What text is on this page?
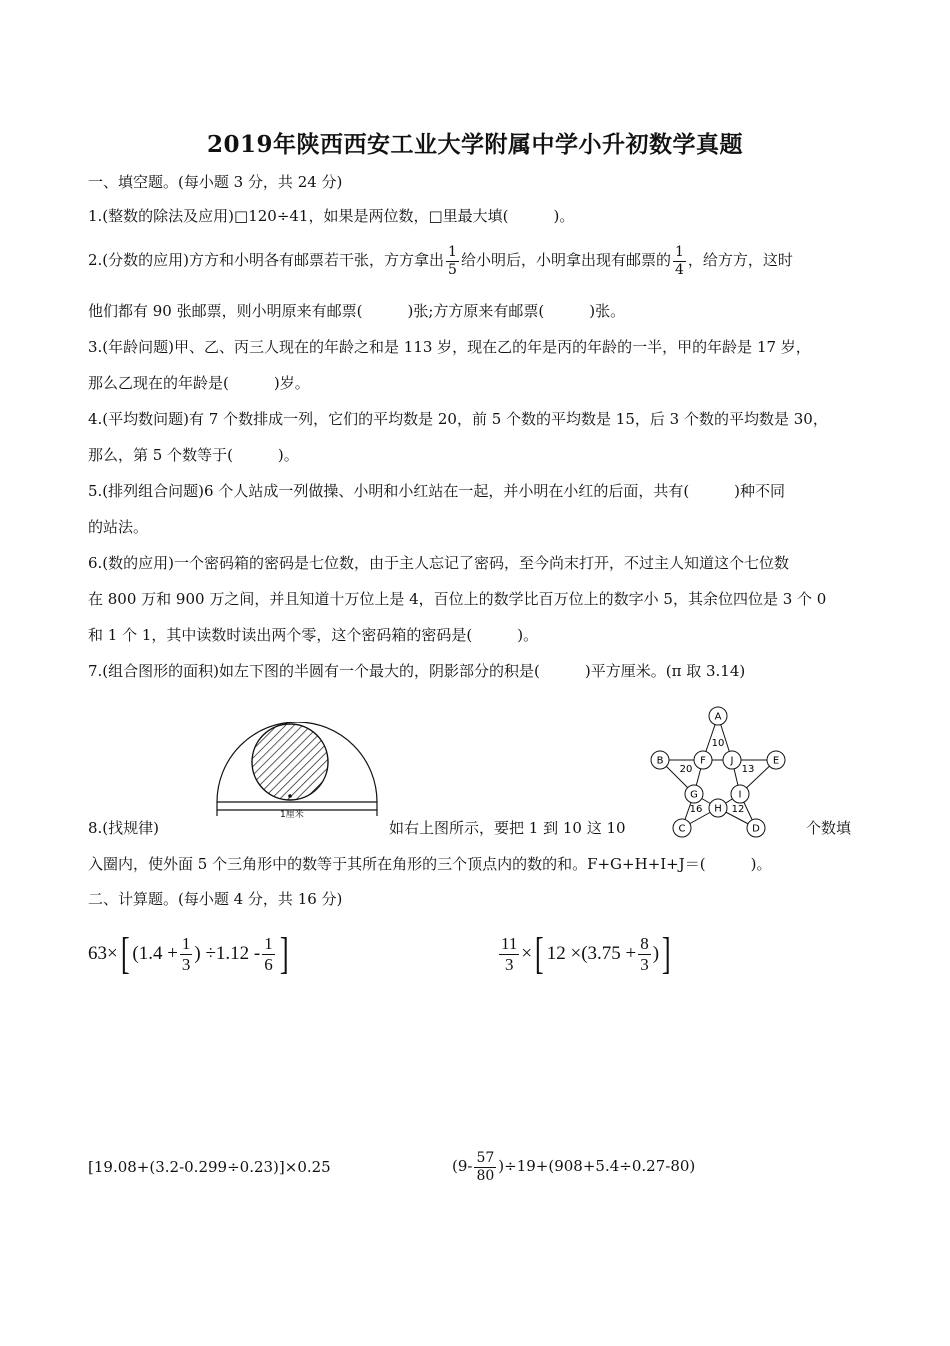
2019年陕西西安工业大学附属中学小升初数学真题
一、填空题。(每小题 3 分，共 24 分)
1.(整数的除法及应用)□120÷41，如果是两位数，□里最大填(　　　)。
2.(分数的应用)方方和小明各有邮票若干张，方方拿出 $\frac{1}{5}$ 给小明后，小明拿出现有邮票的 $\frac{1}{4}$ ，给方方，这时
他们都有 90 张邮票，则小明原来有邮票(　　　)张;方方原来有邮票(　　　)张。
3.(年龄问题)甲、乙、丙三人现在的年龄之和是 113 岁，现在乙的年是丙的年龄的一半，甲的年龄是 17 岁，
那么乙现在的年龄是(　　　)岁。
4.(平均数问题)有 7 个数排成一列，它们的平均数是 20，前 5 个数的平均数是 15，后 3 个数的平均数是 30，
那么，第 5 个数等于(　　　)。
5.(排列组合问题)6 个人站成一列做操、小明和小红站在一起，并小明在小红的后面，共有(　　　)种不同
的站法。
6.(数的应用)一个密码箱的密码是七位数，由于主人忘记了密码，至今尚末打开，不过主人知道这个七位数
在 800 万和 900 万之间，并且知道十万位上是 4，百位上的数学比百万位上的数字小 5，其余位四位是 3 个 0
和 1 个 1，其中读数时读出两个零，这个密码箱的密码是(　　　)。
7.(组合图形的面积)如左下图的半圆有一个最大的，阴影部分的积是(　　　)平方厘米。(π 取 3.14)
1厘米
8.(找规律)	如右上图所示，要把 1 到 10 这 10	个数填
A
B
C	D
E
F
G
H
I
J
10
20	13
16	12
入圈内，使外面 5 个三角形中的数等于其所在角形的三个顶点内的数的和。F+G+H+I+J＝(　　　)。
二、计算题。(每小题 4 分，共 16 分)
63× [ ($1.4 + \frac{1}{3}$ ) $\div 1.12 - \frac{1}{6}$ ]	$\frac{11}{3}$ × [ $12 \times(3.75 + \frac{8}{3}$ ) ]
[19.08+(3.2-0.299÷0.23)]×0.25	$(9- \frac{57}{80} )\div 19+(908+5.4\div 0.27-80)$
